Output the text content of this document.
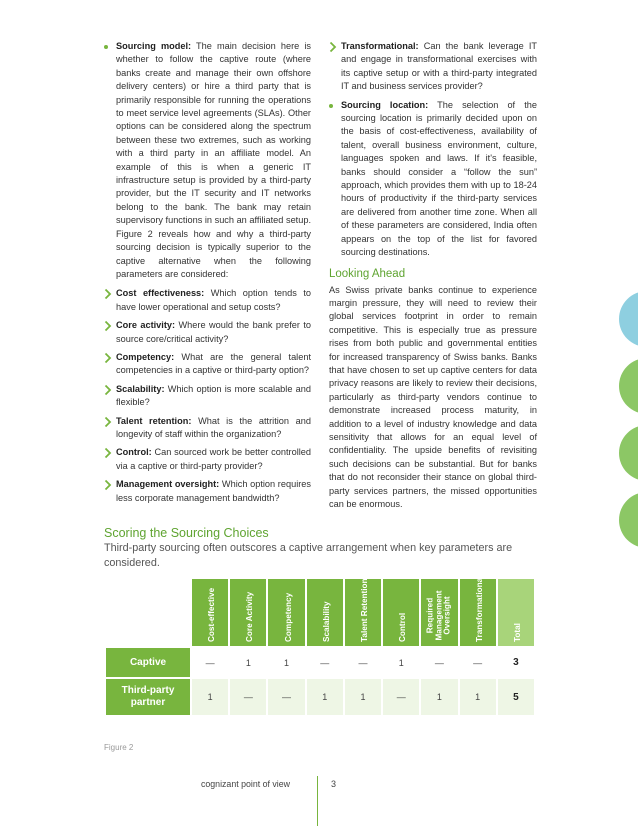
Sourcing model: The main decision here is whether to follow the captive route (where banks create and manage their own offshore delivery centers) or hire a third party that is primarily responsible for running the operations to meet service level agreements (SLAs). Other options can be considered along the spectrum between these two extremes, such as working with a third party in an affiliate model. An example of this is when a generic IT infrastructure setup is provided by a third-party provider, but the IT security and IT networks belong to the bank. The bank may retain supervisory functions in such an affiliated setup. Figure 2 reveals how and why a third-party sourcing decision is typically superior to the captive alternative when the following parameters are considered:
Cost effectiveness: Which option tends to have lower operational and setup costs?
Core activity: Where would the bank prefer to source core/critical activity?
Competency: What are the general talent competencies in a captive or third-party option?
Scalability: Which option is more scalable and flexible?
Talent retention: What is the attrition and longevity of staff within the organization?
Control: Can sourced work be better controlled via a captive or third-party provider?
Management oversight: Which option requires less corporate management bandwidth?
Transformational: Can the bank leverage IT and engage in transformational exercises with its captive setup or with a third-party integrated IT and business services provider?
Sourcing location: The selection of the sourcing location is primarily decided upon on the basis of cost-effectiveness, availability of talent, overall business environment, culture, languages spoken and laws. If it's feasible, banks should consider a “follow the sun” approach, which provides them with up to 18-24 hours of productivity if the third-party services are delivered from another time zone. When all of these parameters are considered, India often appears on the top of the list for favored sourcing destinations.
Looking Ahead
As Swiss private banks continue to experience margin pressure, they will need to review their global services footprint in order to remain competitive. This is especially true as pressure rises from both public and governmental entities for increased transparency of Swiss banks. Banks that have chosen to set up captive centers for data privacy reasons are likely to review their decisions, particularly as third-party vendors continue to demonstrate increased process maturity, in addition to a level of industry knowledge and data sensitivity that allows for an equal level of confidentiality. The upside benefits of revisiting such decisions can be substantial. But for banks that do not reconsider their stance on global third-party services partners, the missed opportunities can be enormous.
Scoring the Sourcing Choices
Third-party sourcing often outscores a captive arrangement when key parameters are considered.

	Cost-effective	Core Activity	Competency	Scalability	Talent Retention	Control	Required Management Oversight	Transformational	Total

Captive	—	1	1	—	—	1	—	—	3
Third-party partner	1	—	—	1	1	—	1	1	5
Figure 2
cognizant point of view	3
